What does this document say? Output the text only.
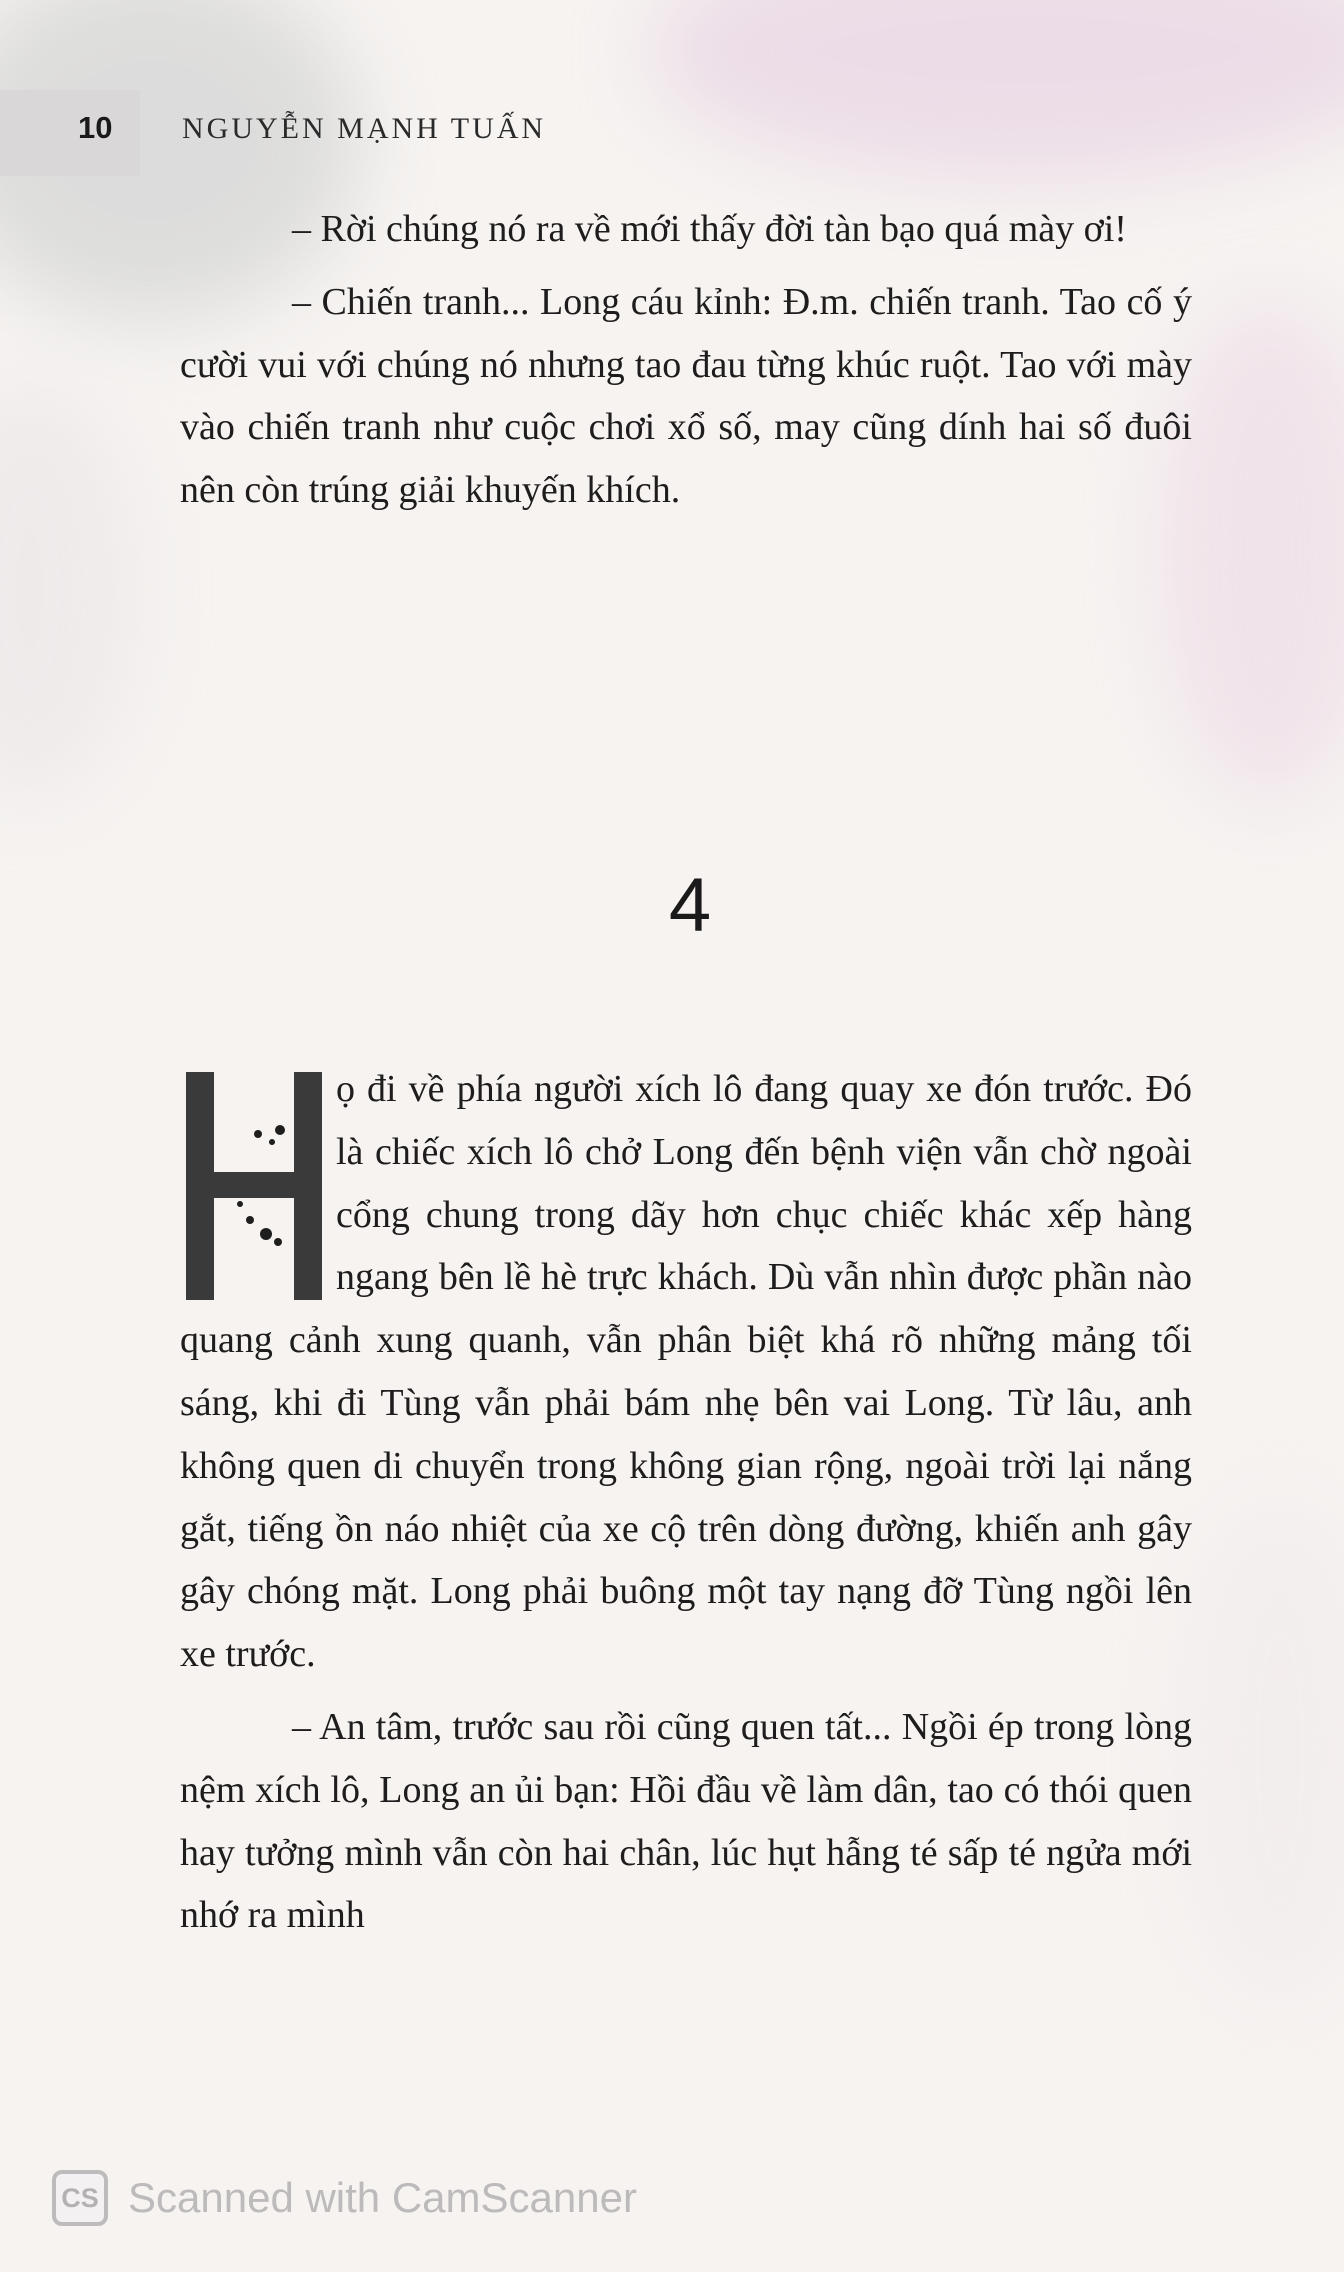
10 NGUYỄN MẠNH TUẤN

– Rời chúng nó ra về mới thấy đời tàn bạo quá mày ơi!

– Chiến tranh... Long cáu kỉnh: Đ.m. chiến tranh. Tao cố ý cười vui với chúng nó nhưng tao đau từng khúc ruột. Tao với mày vào chiến tranh như cuộc chơi xổ số, may cũng dính hai số đuôi nên còn trúng giải khuyến khích.

4

ọ đi về phía người xích lô đang quay xe đón trước. Đó là chiếc xích lô chở Long đến bệnh viện vẫn chờ ngoài cổng chung trong dãy hơn chục chiếc khác xếp hàng ngang bên lề hè trực khách. Dù vẫn nhìn được phần nào quang cảnh xung quanh, vẫn phân biệt khá rõ những mảng tối sáng, khi đi Tùng vẫn phải bám nhẹ bên vai Long. Từ lâu, anh không quen di chuyển trong không gian rộng, ngoài trời lại nắng gắt, tiếng ồn náo nhiệt của xe cộ trên dòng đường, khiến anh gây gây chóng mặt. Long phải buông một tay nạng đỡ Tùng ngồi lên xe trước.

– An tâm, trước sau rồi cũng quen tất... Ngồi ép trong lòng nệm xích lô, Long an ủi bạn: Hồi đầu về làm dân, tao có thói quen hay tưởng mình vẫn còn hai chân, lúc hụt hẫng té sấp té ngửa mới nhớ ra mình

CS Scanned with CamScanner
